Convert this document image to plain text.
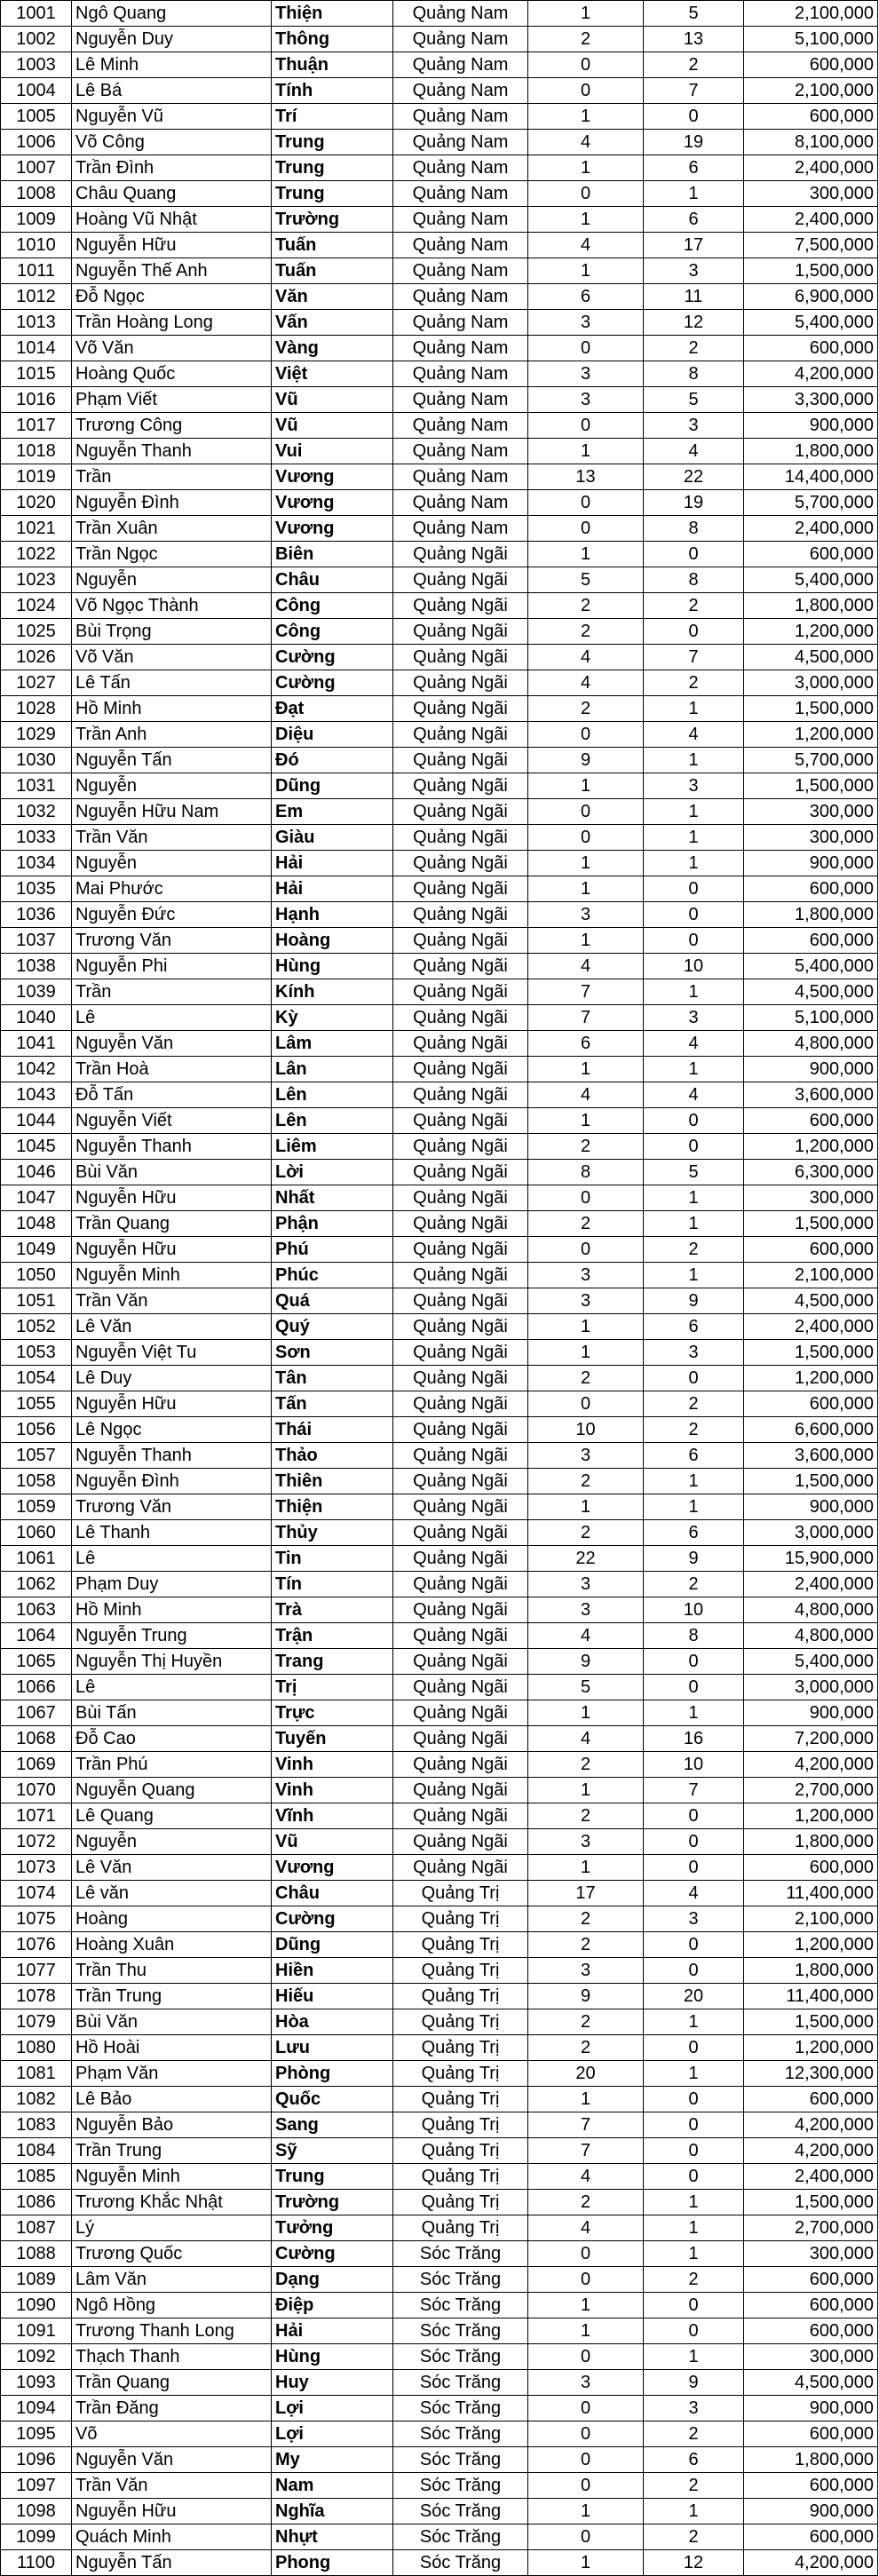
1001	Ngô Quang	Thiện	Quảng Nam	1	5	2,100,000
1002	Nguyễn Duy	Thông	Quảng Nam	2	13	5,100,000
1003	Lê Minh	Thuận	Quảng Nam	0	2	600,000
1004	Lê Bá	Tính	Quảng Nam	0	7	2,100,000
1005	Nguyễn Vũ	Trí	Quảng Nam	1	0	600,000
1006	Võ Công	Trung	Quảng Nam	4	19	8,100,000
1007	Trần Đình	Trung	Quảng Nam	1	6	2,400,000
1008	Châu Quang	Trung	Quảng Nam	0	1	300,000
1009	Hoàng Vũ Nhật	Trường	Quảng Nam	1	6	2,400,000
1010	Nguyễn Hữu	Tuấn	Quảng Nam	4	17	7,500,000
1011	Nguyễn Thế Anh	Tuấn	Quảng Nam	1	3	1,500,000
1012	Đỗ Ngọc	Văn	Quảng Nam	6	11	6,900,000
1013	Trần Hoàng Long	Vấn	Quảng Nam	3	12	5,400,000
1014	Võ Văn	Vàng	Quảng Nam	0	2	600,000
1015	Hoàng Quốc	Việt	Quảng Nam	3	8	4,200,000
1016	Phạm Viết	Vũ	Quảng Nam	3	5	3,300,000
1017	Trương Công	Vũ	Quảng Nam	0	3	900,000
1018	Nguyễn Thanh	Vui	Quảng Nam	1	4	1,800,000
1019	Trần	Vương	Quảng Nam	13	22	14,400,000
1020	Nguyễn Đình	Vương	Quảng Nam	0	19	5,700,000
1021	Trần Xuân	Vương	Quảng Nam	0	8	2,400,000
1022	Trần Ngọc	Biên	Quảng Ngãi	1	0	600,000
1023	Nguyễn	Châu	Quảng Ngãi	5	8	5,400,000
1024	Võ Ngọc Thành	Công	Quảng Ngãi	2	2	1,800,000
1025	Bùi Trọng	Công	Quảng Ngãi	2	0	1,200,000
1026	Võ Văn	Cường	Quảng Ngãi	4	7	4,500,000
1027	Lê Tấn	Cường	Quảng Ngãi	4	2	3,000,000
1028	Hồ Minh	Đạt	Quảng Ngãi	2	1	1,500,000
1029	Trần Anh	Diệu	Quảng Ngãi	0	4	1,200,000
1030	Nguyễn Tấn	Đó	Quảng Ngãi	9	1	5,700,000
1031	Nguyễn	Dũng	Quảng Ngãi	1	3	1,500,000
1032	Nguyễn Hữu Nam	Em	Quảng Ngãi	0	1	300,000
1033	Trần Văn	Giàu	Quảng Ngãi	0	1	300,000
1034	Nguyễn	Hải	Quảng Ngãi	1	1	900,000
1035	Mai Phước	Hải	Quảng Ngãi	1	0	600,000
1036	Nguyễn Đức	Hạnh	Quảng Ngãi	3	0	1,800,000
1037	Trương Văn	Hoàng	Quảng Ngãi	1	0	600,000
1038	Nguyễn Phi	Hùng	Quảng Ngãi	4	10	5,400,000
1039	Trần	Kính	Quảng Ngãi	7	1	4,500,000
1040	Lê	Kỳ	Quảng Ngãi	7	3	5,100,000
1041	Nguyễn Văn	Lâm	Quảng Ngãi	6	4	4,800,000
1042	Trần Hoà	Lân	Quảng Ngãi	1	1	900,000
1043	Đỗ Tấn	Lên	Quảng Ngãi	4	4	3,600,000
1044	Nguyễn Viết	Lên	Quảng Ngãi	1	0	600,000
1045	Nguyễn Thanh	Liêm	Quảng Ngãi	2	0	1,200,000
1046	Bùi Văn	Lời	Quảng Ngãi	8	5	6,300,000
1047	Nguyễn Hữu	Nhất	Quảng Ngãi	0	1	300,000
1048	Trần Quang	Phận	Quảng Ngãi	2	1	1,500,000
1049	Nguyễn Hữu	Phú	Quảng Ngãi	0	2	600,000
1050	Nguyễn Minh	Phúc	Quảng Ngãi	3	1	2,100,000
1051	Trần Văn	Quá	Quảng Ngãi	3	9	4,500,000
1052	Lê Văn	Quý	Quảng Ngãi	1	6	2,400,000
1053	Nguyễn Việt Tu	Sơn	Quảng Ngãi	1	3	1,500,000
1054	Lê Duy	Tân	Quảng Ngãi	2	0	1,200,000
1055	Nguyễn Hữu	Tấn	Quảng Ngãi	0	2	600,000
1056	Lê Ngọc	Thái	Quảng Ngãi	10	2	6,600,000
1057	Nguyễn Thanh	Thảo	Quảng Ngãi	3	6	3,600,000
1058	Nguyễn Đình	Thiên	Quảng Ngãi	2	1	1,500,000
1059	Trương Văn	Thiện	Quảng Ngãi	1	1	900,000
1060	Lê Thanh	Thủy	Quảng Ngãi	2	6	3,000,000
1061	Lê	Tin	Quảng Ngãi	22	9	15,900,000
1062	Phạm Duy	Tín	Quảng Ngãi	3	2	2,400,000
1063	Hồ Minh	Trà	Quảng Ngãi	3	10	4,800,000
1064	Nguyễn Trung	Trận	Quảng Ngãi	4	8	4,800,000
1065	Nguyễn Thị Huyền	Trang	Quảng Ngãi	9	0	5,400,000
1066	Lê	Trị	Quảng Ngãi	5	0	3,000,000
1067	Bùi Tấn	Trực	Quảng Ngãi	1	1	900,000
1068	Đỗ Cao	Tuyến	Quảng Ngãi	4	16	7,200,000
1069	Trần Phú	Vinh	Quảng Ngãi	2	10	4,200,000
1070	Nguyễn Quang	Vinh	Quảng Ngãi	1	7	2,700,000
1071	Lê Quang	Vĩnh	Quảng Ngãi	2	0	1,200,000
1072	Nguyễn	Vũ	Quảng Ngãi	3	0	1,800,000
1073	Lê Văn	Vương	Quảng Ngãi	1	0	600,000
1074	Lê văn	Châu	Quảng Trị	17	4	11,400,000
1075	Hoàng	Cường	Quảng Trị	2	3	2,100,000
1076	Hoàng Xuân	Dũng	Quảng Trị	2	0	1,200,000
1077	Trần Thu	Hiền	Quảng Trị	3	0	1,800,000
1078	Trần Trung	Hiếu	Quảng Trị	9	20	11,400,000
1079	Bùi Văn	Hòa	Quảng Trị	2	1	1,500,000
1080	Hồ Hoài	Lưu	Quảng Trị	2	0	1,200,000
1081	Phạm Văn	Phòng	Quảng Trị	20	1	12,300,000
1082	Lê Bảo	Quốc	Quảng Trị	1	0	600,000
1083	Nguyễn Bảo	Sang	Quảng Trị	7	0	4,200,000
1084	Trần Trung	Sỹ	Quảng Trị	7	0	4,200,000
1085	Nguyễn Minh	Trung	Quảng Trị	4	0	2,400,000
1086	Trương Khắc Nhật	Trường	Quảng Trị	2	1	1,500,000
1087	Lý	Tưởng	Quảng Trị	4	1	2,700,000
1088	Trương Quốc	Cường	Sóc Trăng	0	1	300,000
1089	Lâm Văn	Dạng	Sóc Trăng	0	2	600,000
1090	Ngô Hồng	Điệp	Sóc Trăng	1	0	600,000
1091	Trương Thanh Long	Hải	Sóc Trăng	1	0	600,000
1092	Thạch Thanh	Hùng	Sóc Trăng	0	1	300,000
1093	Trần Quang	Huy	Sóc Trăng	3	9	4,500,000
1094	Trần Đăng	Lợi	Sóc Trăng	0	3	900,000
1095	Võ	Lợi	Sóc Trăng	0	2	600,000
1096	Nguyễn Văn	My	Sóc Trăng	0	6	1,800,000
1097	Trần Văn	Nam	Sóc Trăng	0	2	600,000
1098	Nguyễn Hữu	Nghĩa	Sóc Trăng	1	1	900,000
1099	Quách Minh	Nhựt	Sóc Trăng	0	2	600,000
1100	Nguyễn Tấn	Phong	Sóc Trăng	1	12	4,200,000
